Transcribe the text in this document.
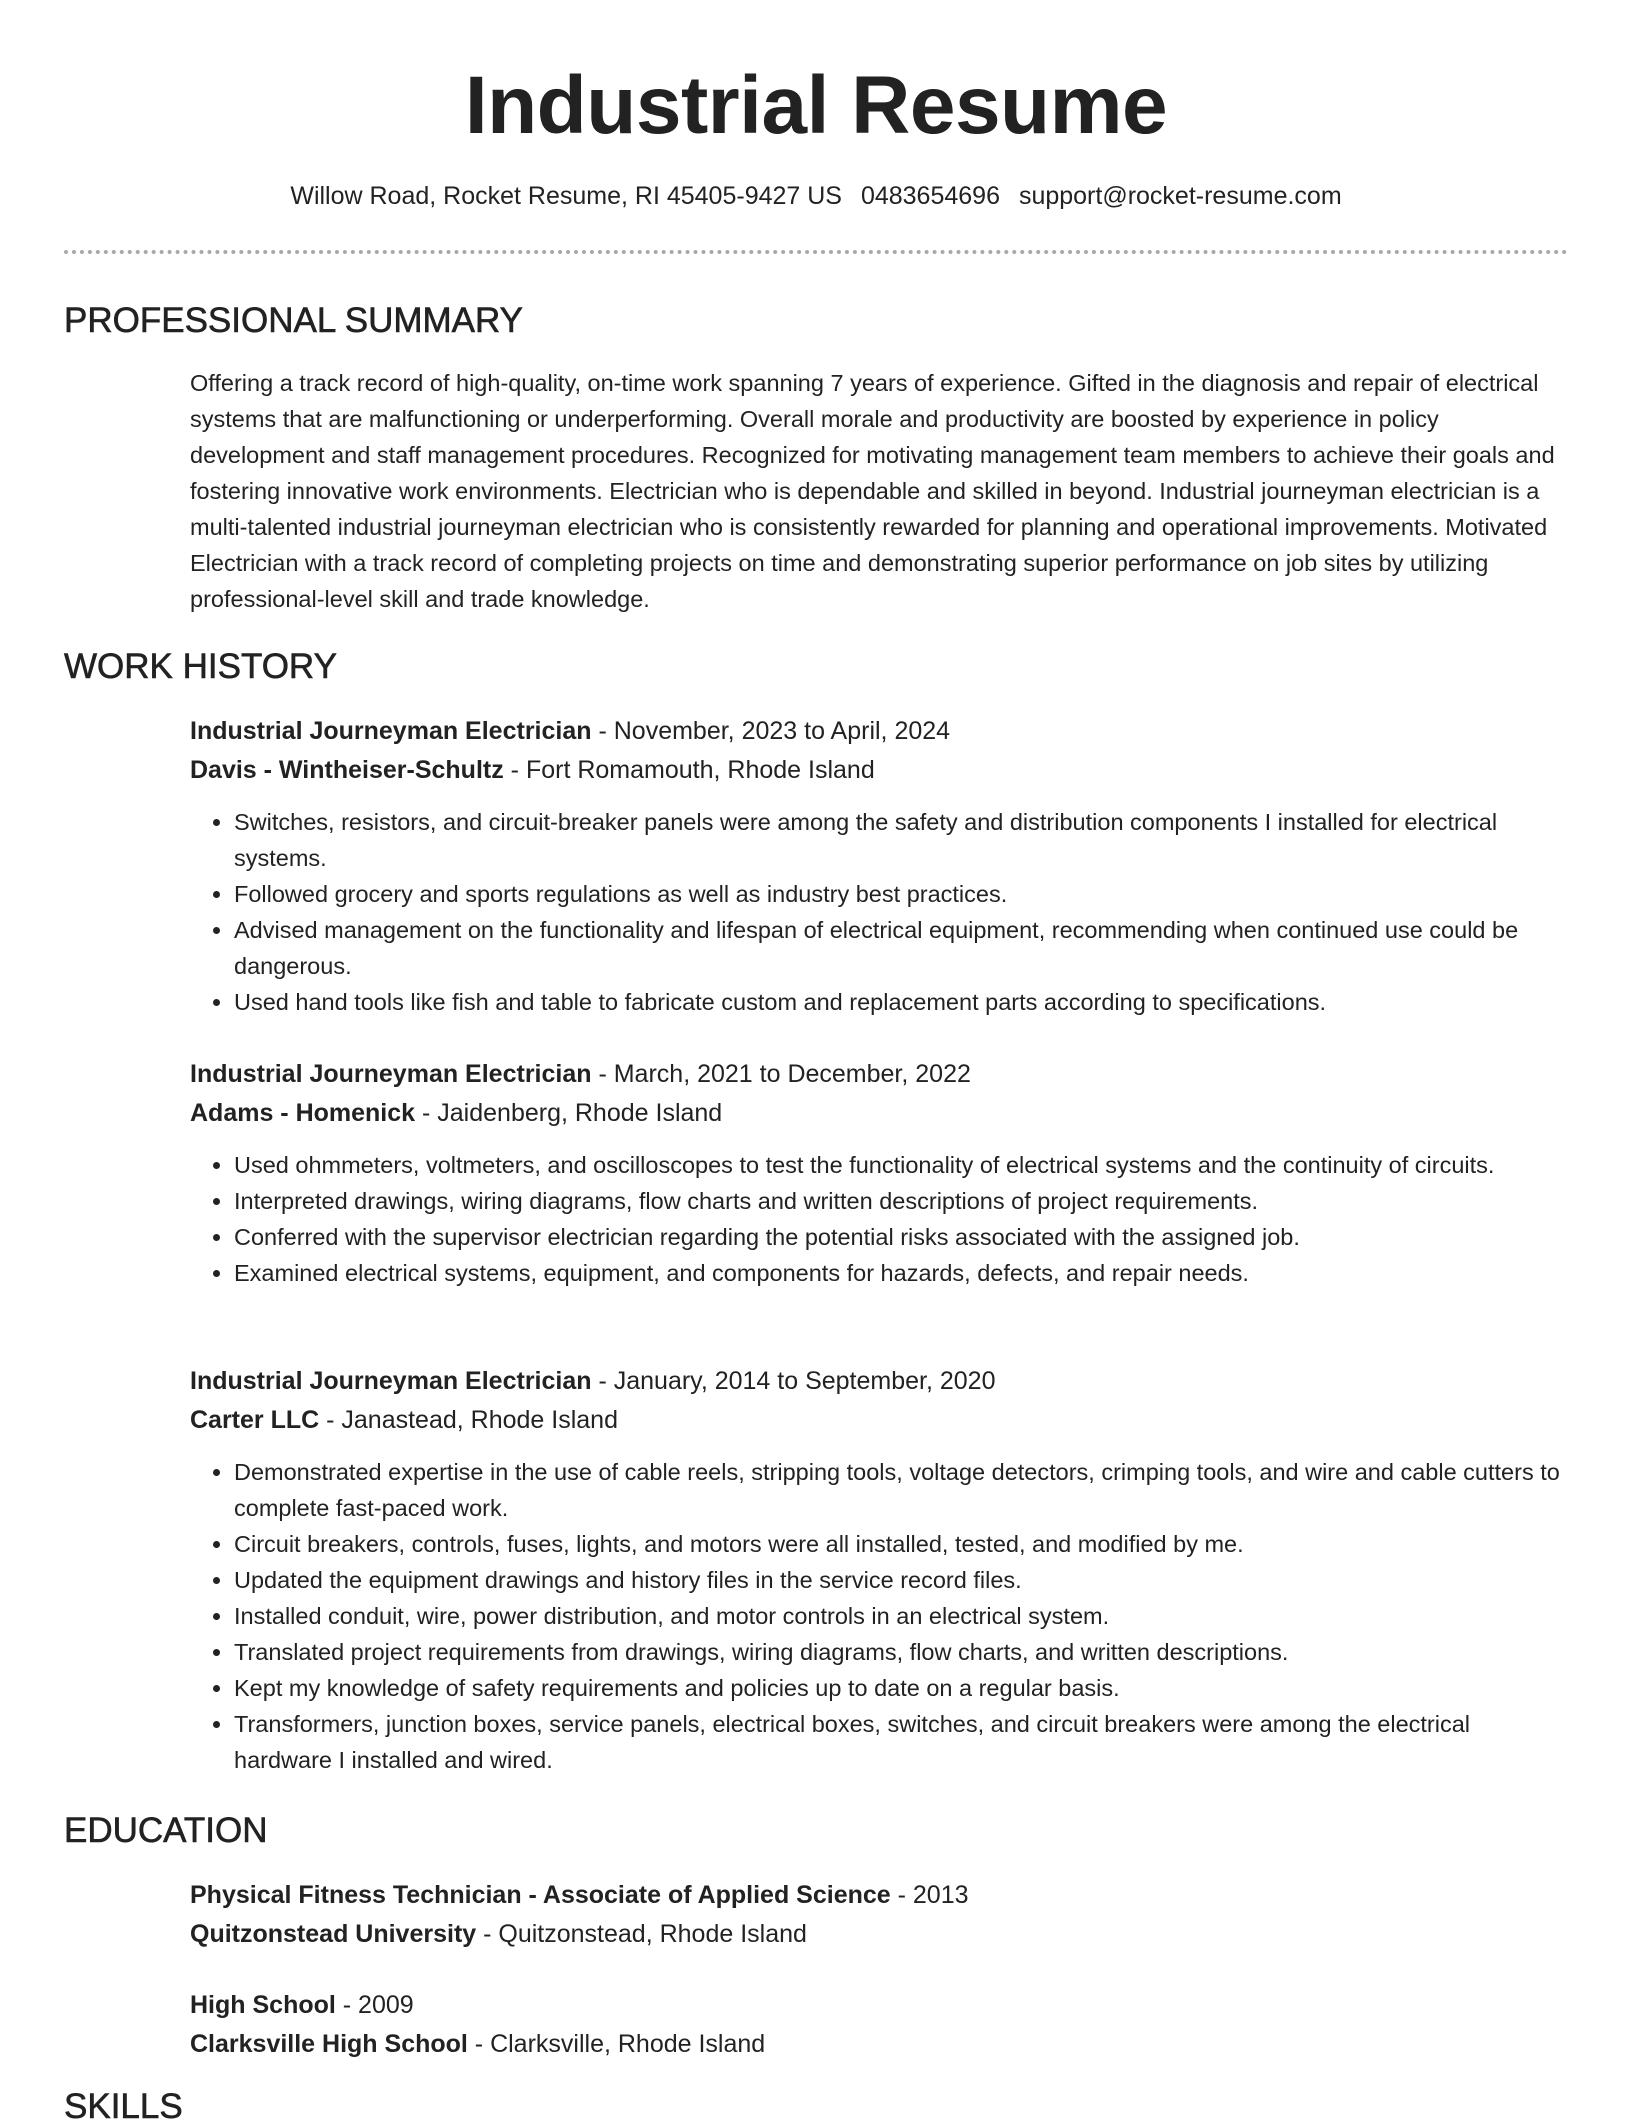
Industrial Resume
Willow Road, Rocket Resume, RI 45405-9427 US 0483654696 support@rocket-resume.com
PROFESSIONAL SUMMARY
Offering a track record of high-quality, on-time work spanning 7 years of experience. Gifted in the diagnosis and repair of electrical systems that are malfunctioning or underperforming. Overall morale and productivity are boosted by experience in policy development and staff management procedures. Recognized for motivating management team members to achieve their goals and fostering innovative work environments. Electrician who is dependable and skilled in beyond. Industrial journeyman electrician is a multi-talented industrial journeyman electrician who is consistently rewarded for planning and operational improvements. Motivated Electrician with a track record of completing projects on time and demonstrating superior performance on job sites by utilizing professional-level skill and trade knowledge.
WORK HISTORY
Industrial Journeyman Electrician - November, 2023 to April, 2024
Davis - Wintheiser-Schultz - Fort Romamouth, Rhode Island
• Switches, resistors, and circuit-breaker panels were among the safety and distribution components I installed for electrical systems.
• Followed grocery and sports regulations as well as industry best practices.
• Advised management on the functionality and lifespan of electrical equipment, recommending when continued use could be dangerous.
• Used hand tools like fish and table to fabricate custom and replacement parts according to specifications.
Industrial Journeyman Electrician - March, 2021 to December, 2022
Adams - Homenick - Jaidenberg, Rhode Island
• Used ohmmeters, voltmeters, and oscilloscopes to test the functionality of electrical systems and the continuity of circuits.
• Interpreted drawings, wiring diagrams, flow charts and written descriptions of project requirements.
• Conferred with the supervisor electrician regarding the potential risks associated with the assigned job.
• Examined electrical systems, equipment, and components for hazards, defects, and repair needs.
Industrial Journeyman Electrician - January, 2014 to September, 2020
Carter LLC - Janastead, Rhode Island
• Demonstrated expertise in the use of cable reels, stripping tools, voltage detectors, crimping tools, and wire and cable cutters to complete fast-paced work.
• Circuit breakers, controls, fuses, lights, and motors were all installed, tested, and modified by me.
• Updated the equipment drawings and history files in the service record files.
• Installed conduit, wire, power distribution, and motor controls in an electrical system.
• Translated project requirements from drawings, wiring diagrams, flow charts, and written descriptions.
• Kept my knowledge of safety requirements and policies up to date on a regular basis.
• Transformers, junction boxes, service panels, electrical boxes, switches, and circuit breakers were among the electrical hardware I installed and wired.
EDUCATION
Physical Fitness Technician - Associate of Applied Science - 2013
Quitzonstead University - Quitzonstead, Rhode Island
High School - 2009
Clarksville High School - Clarksville, Rhode Island
SKILLS
